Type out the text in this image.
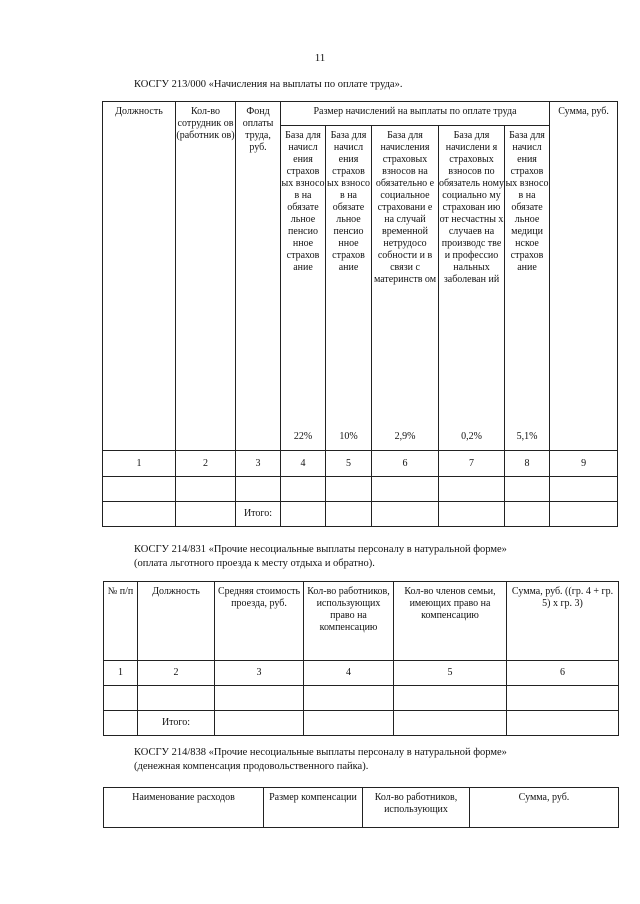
11
КОСГУ 213/000 «Начисления на выплаты по оплате труда».
Должность	Кол-во сотрудник ов (работник ов)	Фонд оплаты труда, руб.	Размер начислений на выплаты по оплате труда					Сумма, руб.
			База для начисл ения страхов ых взносо в на обязате льное пенсио нное страхов ание	База для начисл ения страхов ых взносо в на обязате льное пенсио нное страхов ание	База для начисления страховых взносов на обязательно е социальное страховани е на случай временной нетрудосо собности и в связи с материнств ом	База для начислени я страховых взносов по обязатель ному социально му страхован ию от несчастны х случаев на производс тве и профессио нальных заболеван ий	База для начисл ения страхов ых взносо в на обязате льное медици нское страхов ание	
			22%	10%	2,9%	0,2%	5,1%	
1	2	3	4	5	6	7	8	9

		Итого:						
КОСГУ 214/831 «Прочие несоциальные выплаты персоналу в натуральной форме»
(оплата льготного проезда к месту отдыха и обратно).
№ п/п	Должность	Средняя стоимость проезда, руб.	Кол-во работников, использующих право на компенсацию	Кол-во членов семьи, имеющих право на компенсацию	Сумма, руб. ((гр. 4 + гр. 5) х гр. 3)
1	2	3	4	5	6

	Итого:				
КОСГУ 214/838 «Прочие несоциальные выплаты персоналу в натуральной форме»
(денежная компенсация продовольственного пайка).
Наименование расходов	Размер компенсации	Кол-во работников, использующих	Сумма, руб.
